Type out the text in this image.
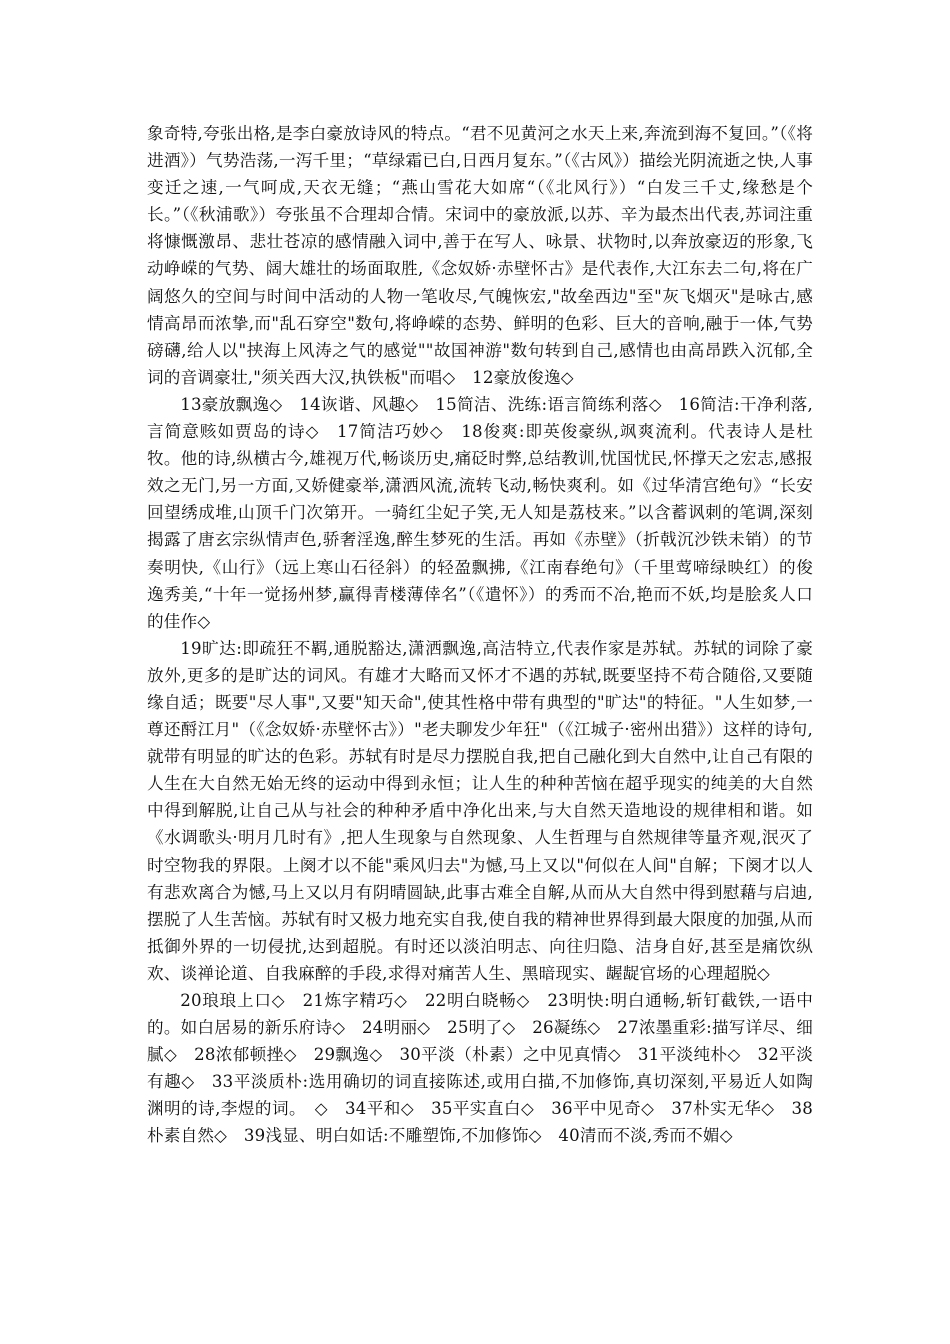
象奇特,夸张出格,是李白豪放诗风的特点。“君不见黄河之水天上来,奔流到海不复回。”（《将进酒》）气势浩荡,一泻千里；“草绿霜已白,日西月复东。”（《古风》）描绘光阴流逝之快,人事变迁之速,一气呵成,天衣无缝；“燕山雪花大如席“（《北风行》）“白发三千丈,缘愁是个长。”（《秋浦歌》）夸张虽不合理却合情。宋词中的豪放派,以苏、辛为最杰出代表,苏词注重将慷慨激昂、悲壮苍凉的感情融入词中,善于在写人、咏景、状物时,以奔放豪迈的形象,飞动峥嵘的气势、阔大雄壮的场面取胜,《念奴娇·赤壁怀古》是代表作,大江东去二句,将在广阔悠久的空间与时间中活动的人物一笔收尽,气魄恢宏,"故垒西边"至"灰飞烟灭"是咏古,感情高昂而浓挚,而"乱石穿空"数句,将峥嵘的态势、鲜明的色彩、巨大的音响,融于一体,气势磅礴,给人以"挟海上风涛之气的感觉""故国神游"数句转到自己,感情也由高昂跌入沉郁,全词的音调豪壮,"须关西大汉,执铁板"而唱◇　12豪放俊逸◇

13豪放飘逸◇　14诙谐、风趣◇　15简洁、洗练:语言简练利落◇　16简洁:干净利落,言简意赅如贾岛的诗◇　17简洁巧妙◇　18俊爽:即英俊豪纵,飒爽流利。代表诗人是杜牧。他的诗,纵横古今,雄视万代,畅谈历史,痛砭时弊,总结教训,忧国忧民,怀撑天之宏志,感报效之无门,另一方面,又娇健豪举,潇洒风流,流转飞动,畅快爽利。如《过华清宫绝句》“长安回望绣成堆,山顶千门次第开。一骑红尘妃子笑,无人知是荔枝来。”以含蓄讽刺的笔调,深刻揭露了唐玄宗纵情声色,骄奢淫逸,醉生梦死的生活。再如《赤壁》（折戟沉沙铁未销）的节奏明快,《山行》（远上寒山石径斜）的轻盈飘拂,《江南春绝句》（千里莺啼绿映红）的俊逸秀美,“十年一觉扬州梦,赢得青楼薄倖名”（《遣怀》）的秀而不冶,艳而不妖,均是脍炙人口的佳作◇

19旷达:即疏狂不羁,通脱豁达,潇洒飘逸,高洁特立,代表作家是苏轼。苏轼的词除了豪放外,更多的是旷达的词风。有雄才大略而又怀才不遇的苏轼,既要坚持不苟合随俗,又要随缘自适；既要"尽人事",又要"知天命",使其性格中带有典型的"旷达"的特征。"人生如梦,一尊还酹江月"（《念奴娇·赤壁怀古》）"老夫聊发少年狂"（《江城子·密州出猎》）这样的诗句,就带有明显的旷达的色彩。苏轼有时是尽力摆脱自我,把自己融化到大自然中,让自己有限的人生在大自然无始无终的运动中得到永恒；让人生的种种苦恼在超乎现实的纯美的大自然中得到解脱,让自己从与社会的种种矛盾中净化出来,与大自然天造地设的规律相和谐。如《水调歌头·明月几时有》,把人生现象与自然现象、人生哲理与自然规律等量齐观,泯灭了时空物我的界限。上阕才以不能"乘风归去"为憾,马上又以"何似在人间"自解；下阕才以人有悲欢离合为憾,马上又以月有阴晴圆缺,此事古难全自解,从而从大自然中得到慰藉与启迪,摆脱了人生苦恼。苏轼有时又极力地充实自我,使自我的精神世界得到最大限度的加强,从而抵御外界的一切侵扰,达到超脱。有时还以淡泊明志、向往归隐、洁身自好,甚至是痛饮纵欢、谈禅论道、自我麻醉的手段,求得对痛苦人生、黑暗现实、龌龊官场的心理超脱◇

20琅琅上口◇　21炼字精巧◇　22明白晓畅◇　23明快:明白通畅,斩钉截铁,一语中的。如白居易的新乐府诗◇　24明丽◇　25明了◇　26凝练◇　27浓墨重彩:描写详尽、细腻◇　28浓郁顿挫◇　29飘逸◇　30平淡（朴素）之中见真情◇　31平淡纯朴◇　32平淡有趣◇　33平淡质朴:选用确切的词直接陈述,或用白描,不加修饰,真切深刻,平易近人如陶渊明的诗,李煜的词。　◇　34平和◇　35平实直白◇　36平中见奇◇　37朴实无华◇　38朴素自然◇　39浅显、明白如话:不雕塑饰,不加修饰◇　40清而不淡,秀而不媚◇
